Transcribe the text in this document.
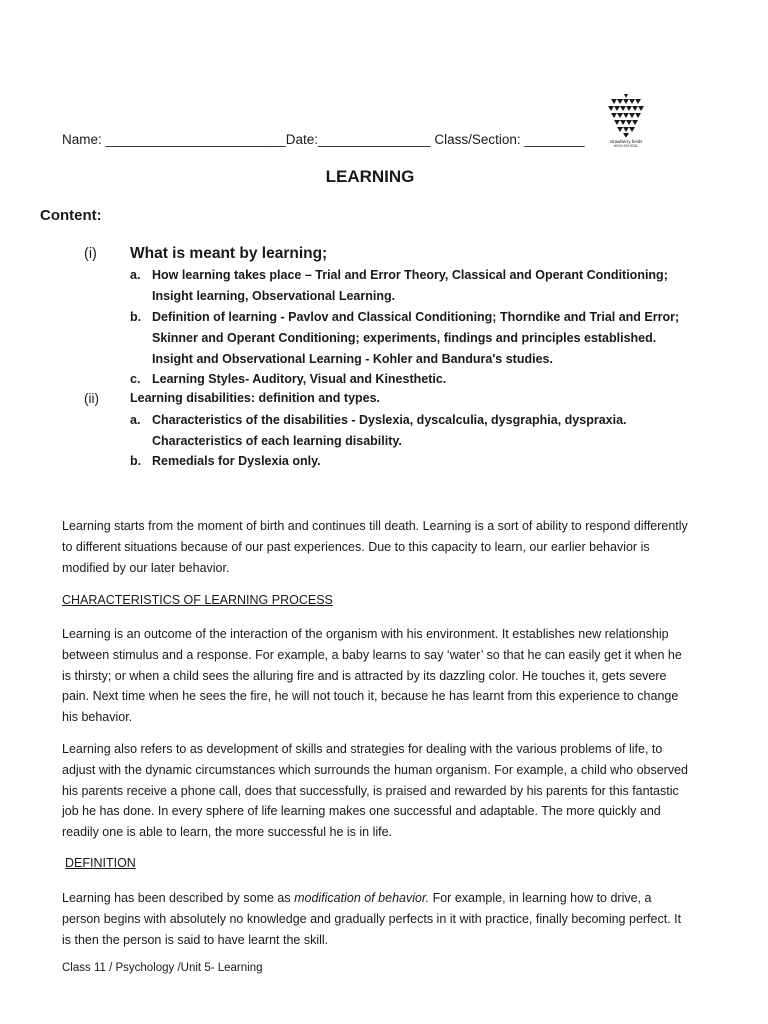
strawberry fields
HIGH SCHOOL
Name: ________________________Date:_______________ Class/Section: ________
LEARNING
Content:
(i) What is meant by learning;
a. How learning takes place – Trial and Error Theory, Classical and Operant Conditioning; Insight learning, Observational Learning.
b. Definition of learning - Pavlov and Classical Conditioning; Thorndike and Trial and Error; Skinner and Operant Conditioning; experiments, findings and principles established. Insight and Observational Learning - Kohler and Bandura's studies.
c. Learning Styles- Auditory, Visual and Kinesthetic.
(ii) Learning disabilities: definition and types.
a. Characteristics of the disabilities - Dyslexia, dyscalculia, dysgraphia, dyspraxia. Characteristics of each learning disability.
b. Remedials for Dyslexia only.
Learning starts from the moment of birth and continues till death. Learning is a sort of ability to respond differently to different situations because of our past experiences. Due to this capacity to learn, our earlier behavior is modified by our later behavior.
CHARACTERISTICS OF LEARNING PROCESS
Learning is an outcome of the interaction of the organism with his environment. It establishes new relationship between stimulus and a response. For example, a baby learns to say ‘water’ so that he can easily get it when he is thirsty; or when a child sees the alluring fire and is attracted by its dazzling color. He touches it, gets severe pain. Next time when he sees the fire, he will not touch it, because he has learnt from this experience to change his behavior.
Learning also refers to as development of skills and strategies for dealing with the various problems of life, to adjust with the dynamic circumstances which surrounds the human organism. For example, a child who observed his parents receive a phone call, does that successfully, is praised and rewarded by his parents for this fantastic job he has done. In every sphere of life learning makes one successful and adaptable. The more quickly and readily one is able to learn, the more successful he is in life.
DEFINITION
Learning has been described by some as modification of behavior. For example, in learning how to drive, a person begins with absolutely no knowledge and gradually perfects in it with practice, finally becoming perfect. It is then the person is said to have learnt the skill.
Class 11 / Psychology /Unit 5- Learning
